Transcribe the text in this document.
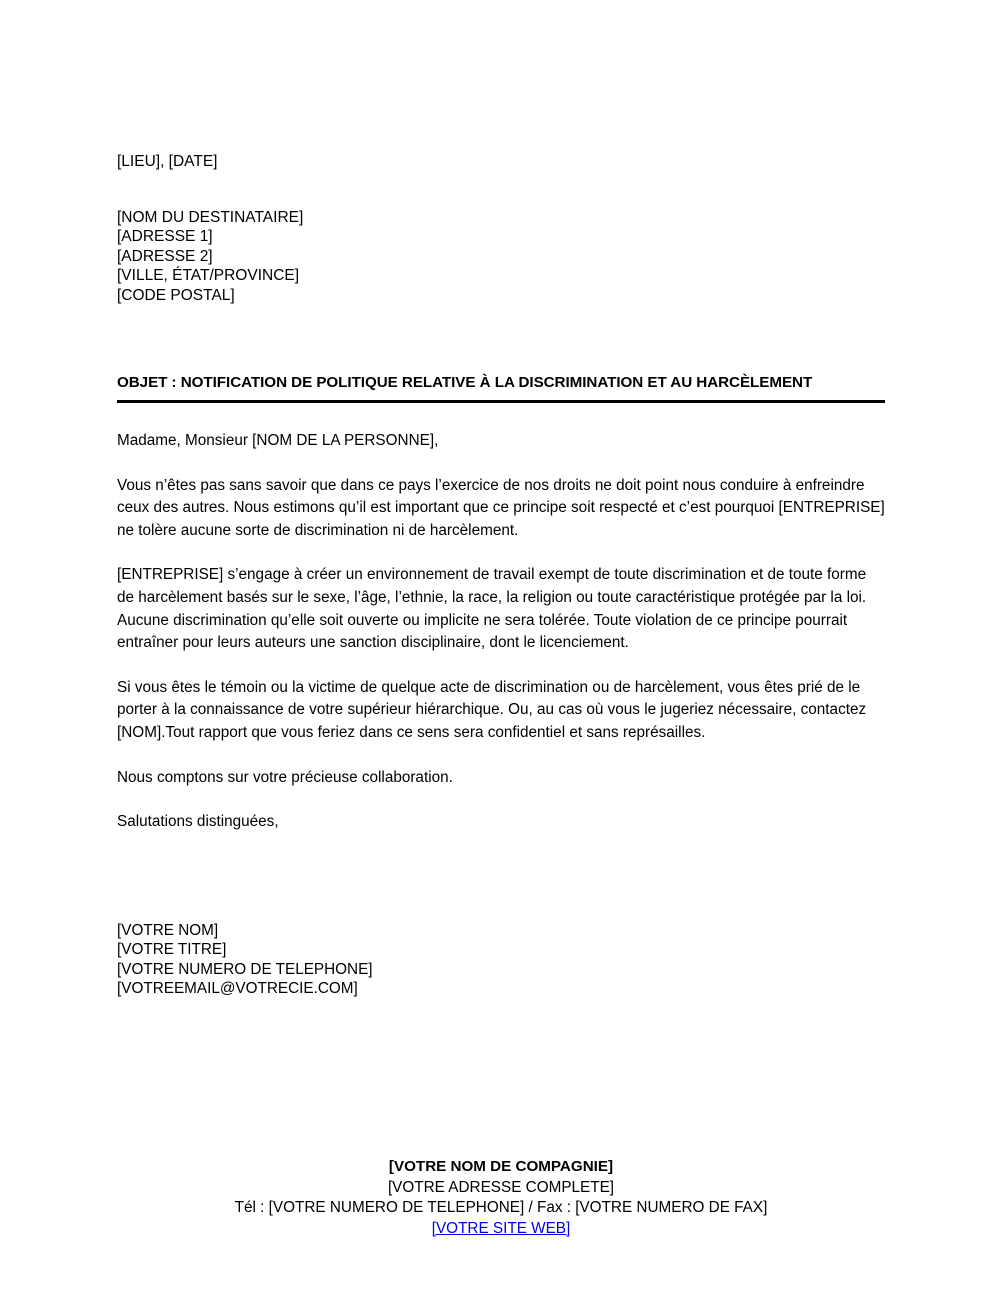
[LIEU], [DATE]
[NOM DU DESTINATAIRE]
[ADRESSE 1]
[ADRESSE 2]
[VILLE, ÉTAT/PROVINCE]
[CODE POSTAL]
OBJET : NOTIFICATION DE POLITIQUE RELATIVE À LA DISCRIMINATION ET AU HARCÈLEMENT

Madame, Monsieur [NOM DE LA PERSONNE],

Vous n’êtes pas sans savoir que dans ce pays l’exercice de nos droits ne doit point nous conduire à enfreindre ceux des autres. Nous estimons qu’il est important que ce principe soit respecté et c’est pourquoi [ENTREPRISE] ne tolère aucune sorte de discrimination ni de harcèlement.

[ENTREPRISE] s’engage à créer un environnement de travail exempt de toute discrimination et de toute forme de harcèlement basés sur le sexe, l’âge, l’ethnie, la race, la religion ou toute caractéristique protégée par la loi. Aucune discrimination qu’elle soit ouverte ou implicite ne sera tolérée. Toute violation de ce principe pourrait entraîner pour leurs auteurs une sanction disciplinaire, dont le licenciement.

Si vous êtes le témoin ou la victime de quelque acte de discrimination ou de harcèlement, vous êtes prié de le porter à la connaissance de votre supérieur hiérarchique. Ou, au cas où vous le jugeriez nécessaire, contactez [NOM].Tout rapport que vous feriez dans ce sens sera confidentiel et sans représailles.

Nous comptons sur votre précieuse collaboration.

Salutations distinguées,

[VOTRE NOM]
[VOTRE TITRE]
[VOTRE NUMERO DE TELEPHONE]
[VOTREEMAIL@VOTRECIE.COM]
[VOTRE NOM DE COMPAGNIE]
[VOTRE ADRESSE COMPLETE]
Tél : [VOTRE NUMERO DE TELEPHONE] / Fax : [VOTRE NUMERO DE FAX]
[VOTRE SITE WEB]
